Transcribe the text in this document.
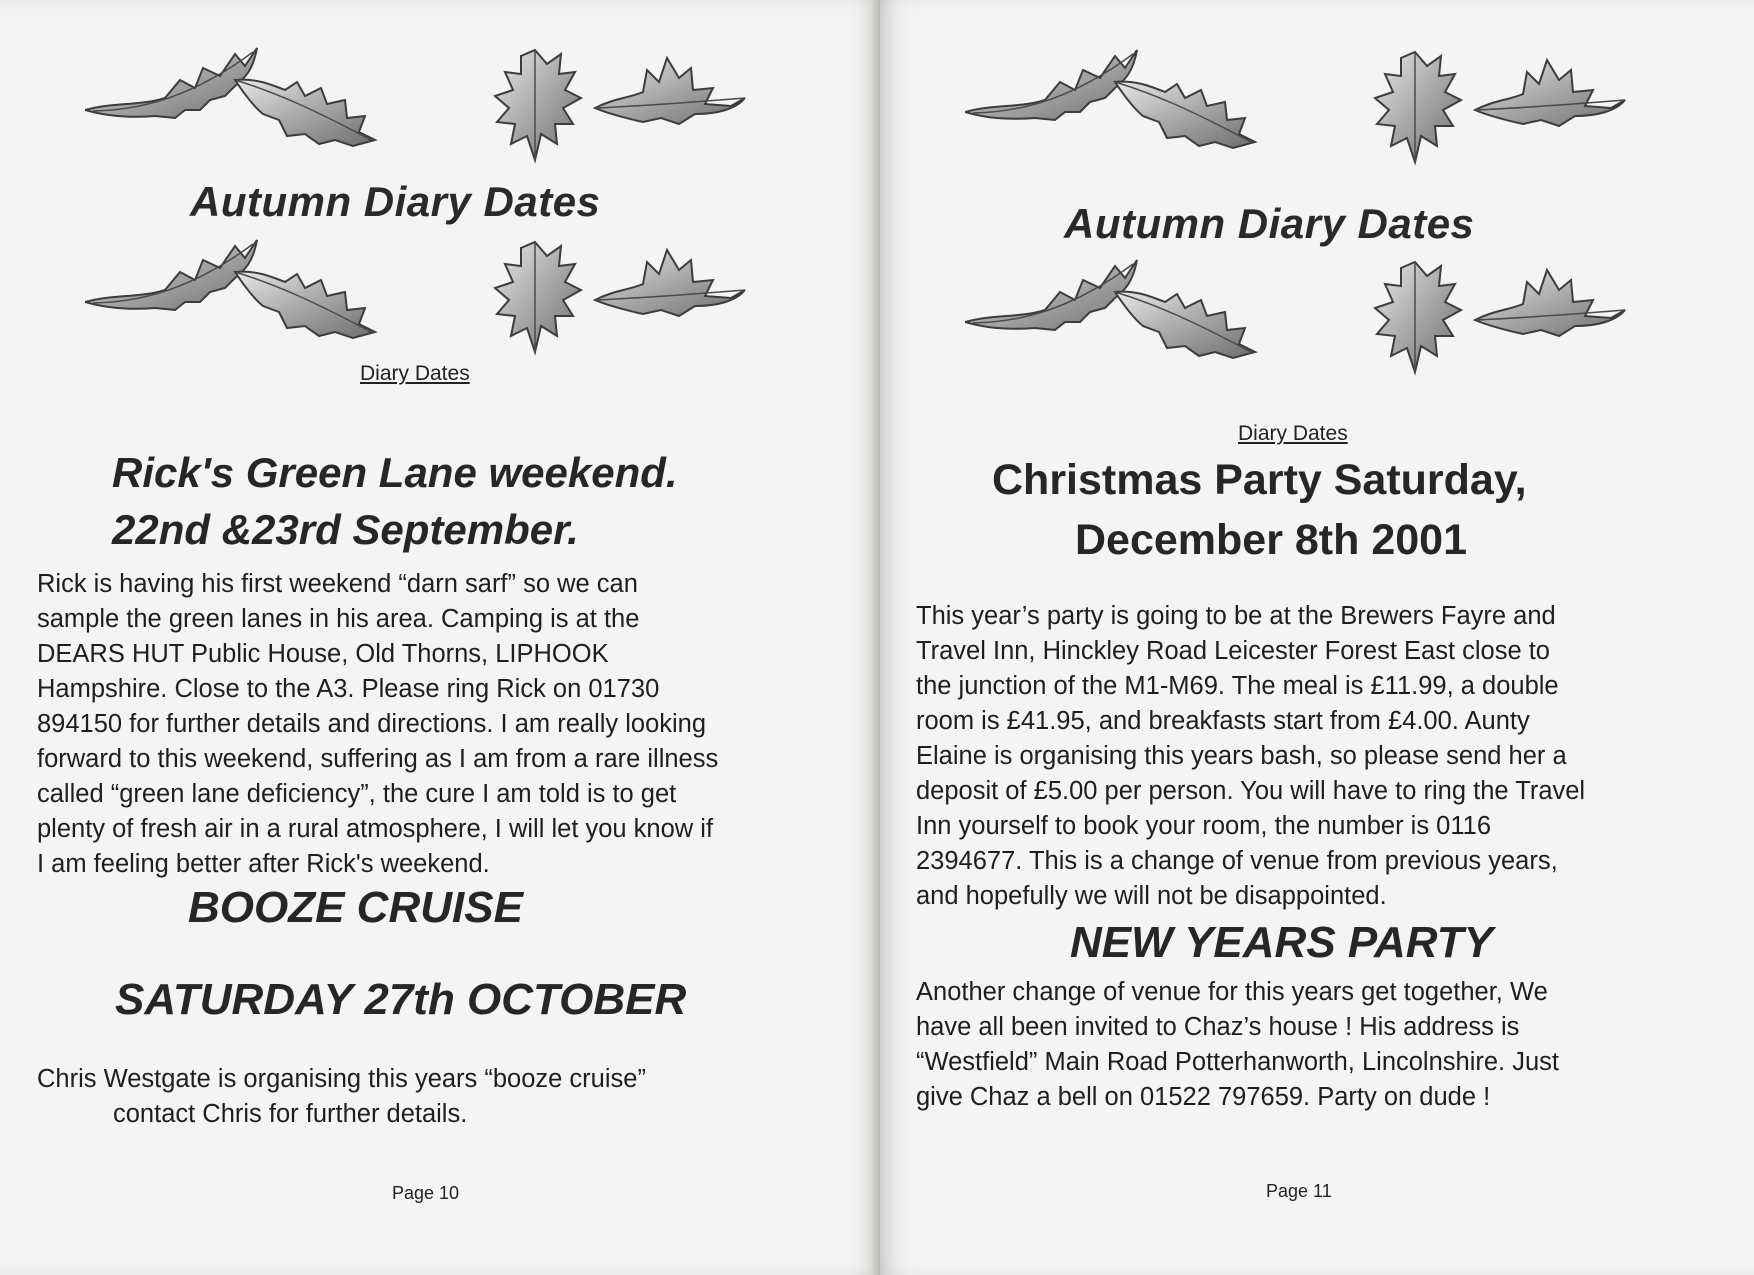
Autumn Diary Dates
Diary Dates
Rick's Green Lane weekend.
22nd &23rd September.

Rick is having his first weekend “darn sarf” so we can

sample the green lanes in his area. Camping is at the

DEARS HUT Public House, Old Thorns, LIPHOOK

Hampshire. Close to the A3. Please ring Rick on 01730

894150 for further details and directions. I am really looking

forward to this weekend, suffering as I am from a rare illness

called “green lane deficiency”, the cure I am told is to get

plenty of fresh air in a rural atmosphere, I will let you know if

I am feeling better after Rick's weekend.

BOOZE CRUISE
SATURDAY 27th OCTOBER

Chris Westgate is organising this years “booze cruise”

contact Chris for further details.

Page 10
Autumn Diary Dates
Diary Dates
Christmas Party Saturday,
December 8th 2001

This year’s party is going to be at the Brewers Fayre and

Travel Inn, Hinckley Road Leicester Forest East close to

the junction of the M1-M69. The meal is £11.99, a double

room is £41.95, and breakfasts start from £4.00. Aunty

Elaine is organising this years bash, so please send her a

deposit of £5.00 per person. You will have to ring the Travel

Inn yourself to book your room, the number is 0116

2394677. This is a change of venue from previous years,

and hopefully we will not be disappointed.

NEW YEARS PARTY

Another change of venue for this years get together, We

have all been invited to Chaz’s house ! His address is

“Westfield” Main Road Potterhanworth, Lincolnshire. Just

give Chaz a bell on 01522 797659. Party on dude !

Page 11
